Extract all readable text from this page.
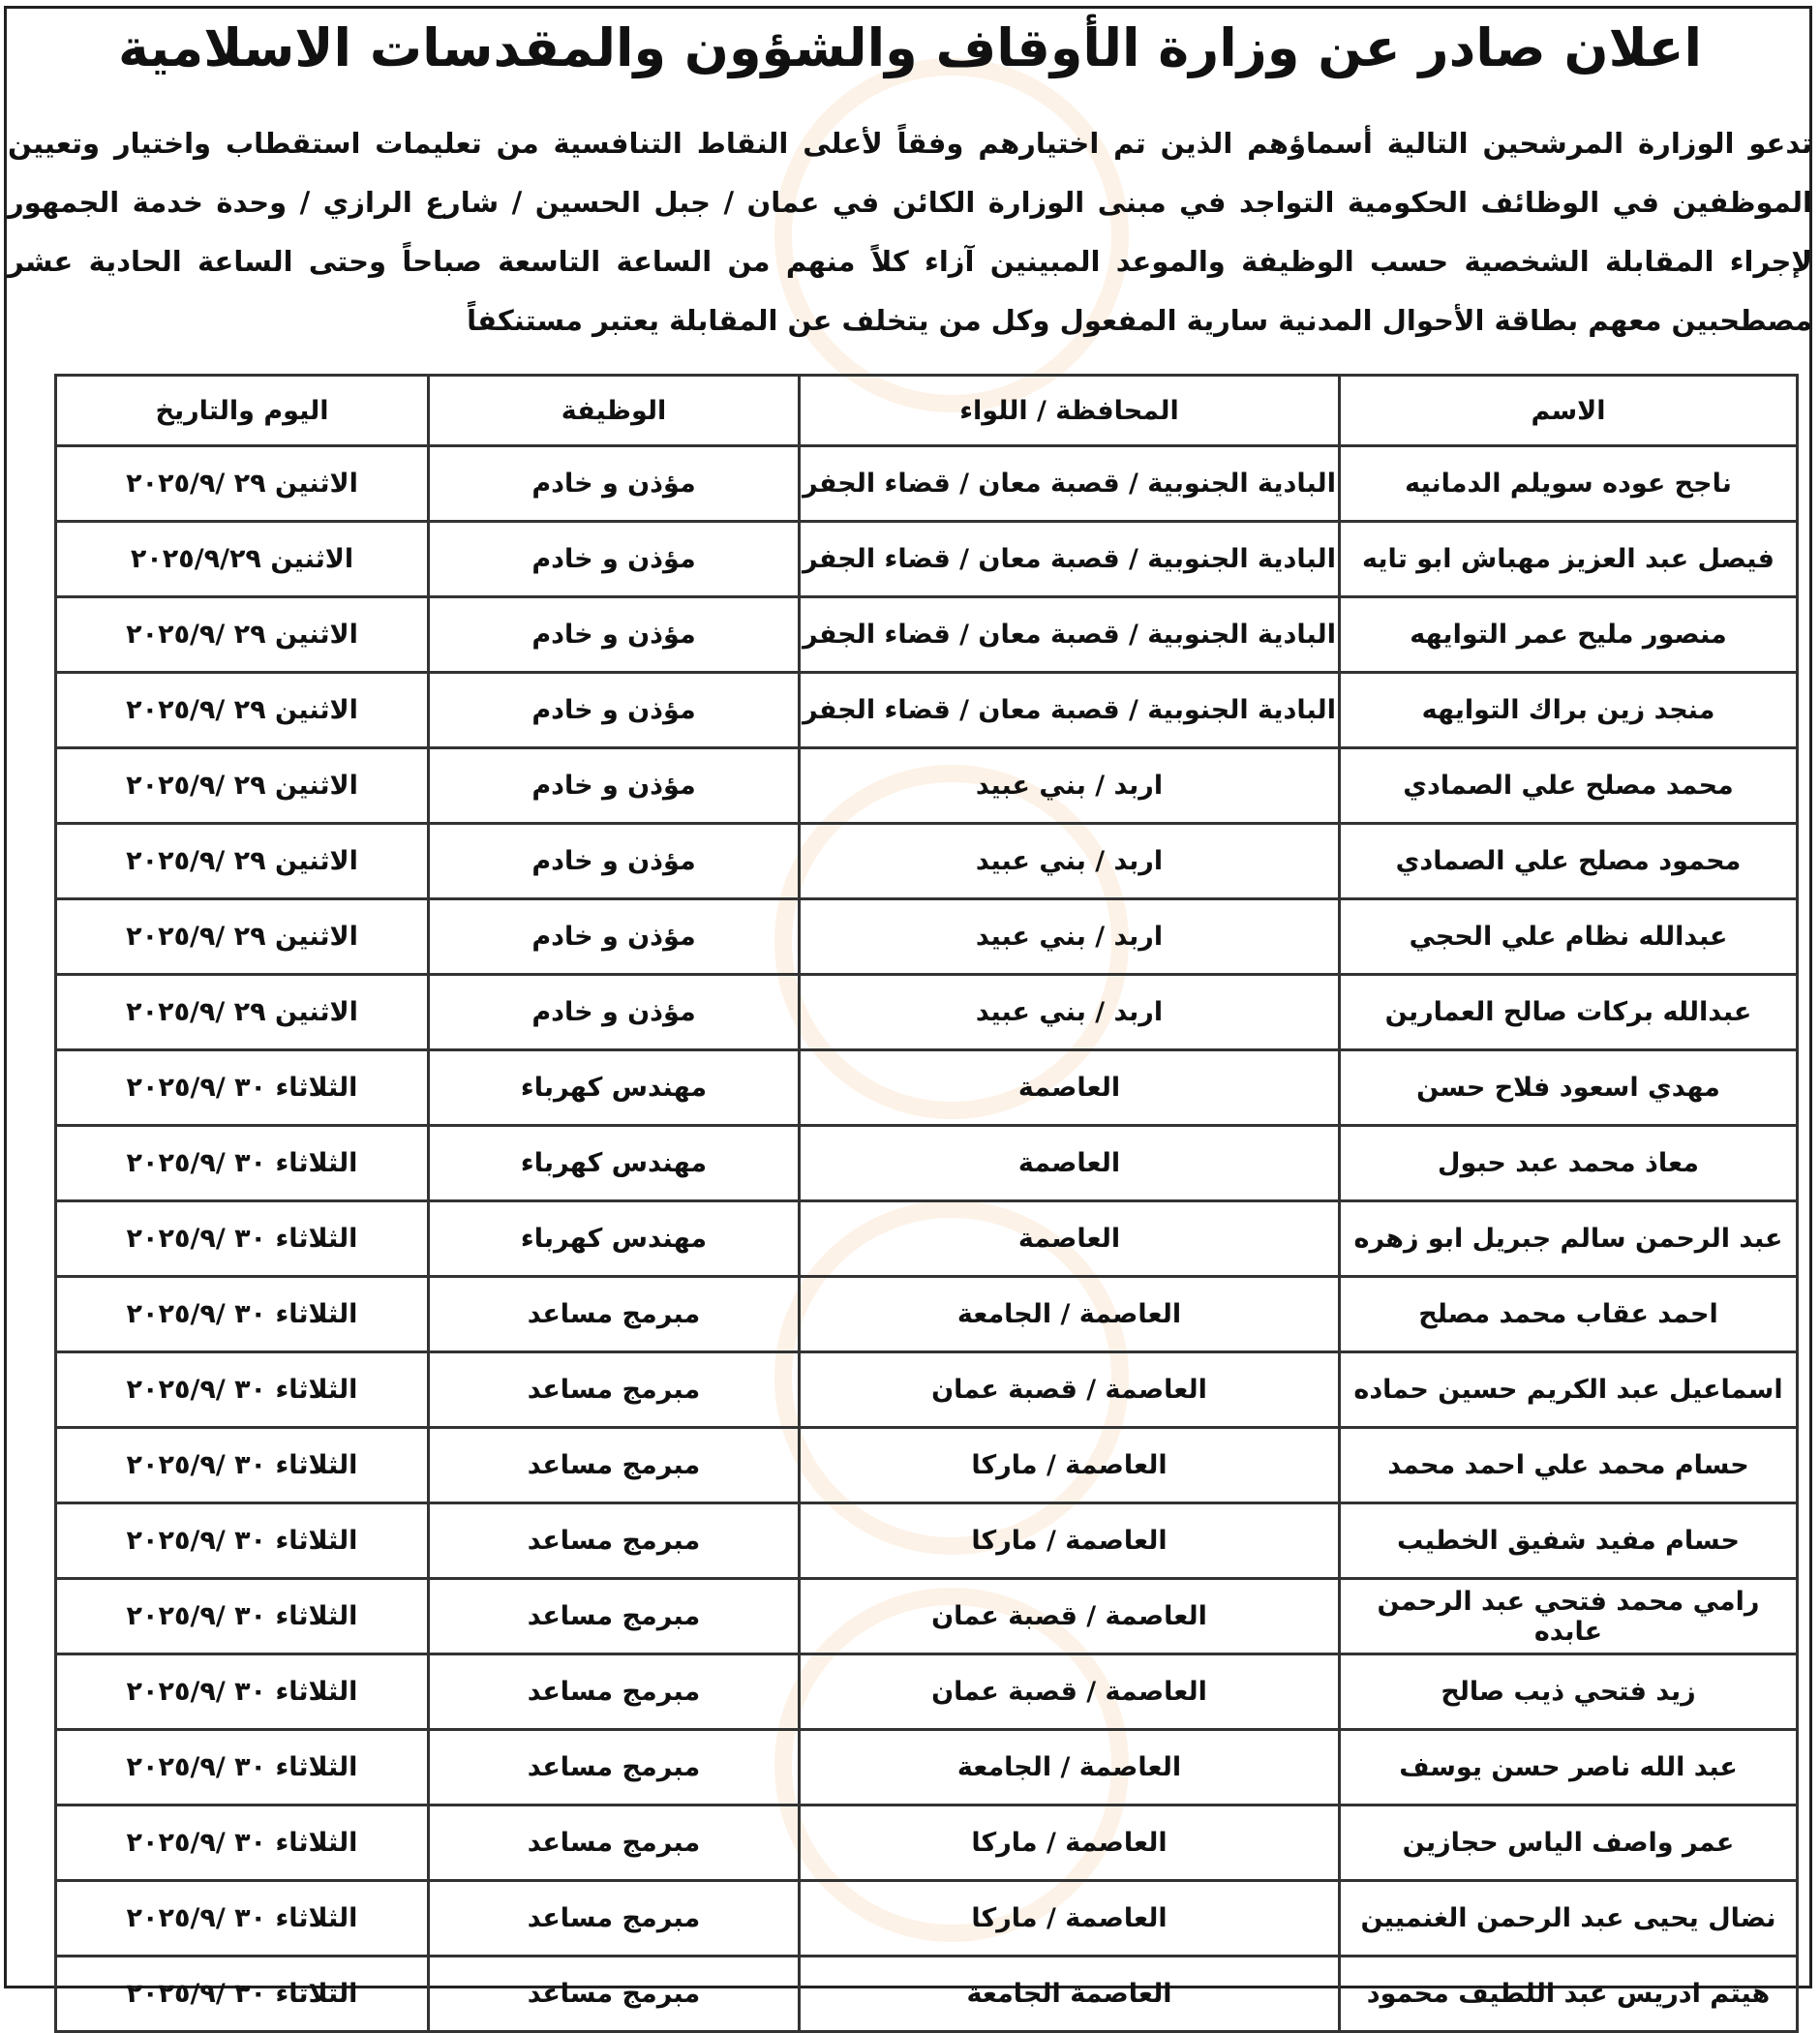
اعلان صادر عن وزارة الأوقاف والشؤون والمقدسات الاسلامية
تدعو الوزارة المرشحين التالية أسماؤهم الذين تم اختيارهم وفقاً لأعلى النقاط التنافسية من تعليمات استقطاب واختيار وتعيين الموظفين في الوظائف الحكومية التواجد في مبنى الوزارة الكائن في عمان / جبل الحسين / شارع الرازي / وحدة خدمة الجمهور لإجراء المقابلة الشخصية حسب الوظيفة والموعد المبينين آزاء كلاً منهم من الساعة التاسعة صباحاً وحتى الساعة الحادية عشر مصطحبين معهم بطاقة الأحوال المدنية سارية المفعول وكل من يتخلف عن المقابلة يعتبر مستنكفاً
الاسم	المحافظة / اللواء	الوظيفة	اليوم والتاريخ
ناجح عوده سويلم الدمانيه	البادية الجنوبية / قصبة معان / قضاء الجفر	مؤذن و خادم	الاثنين ٢٩ /٢٠٢٥/٩
فيصل عبد العزيز مهباش ابو تايه	البادية الجنوبية / قصبة معان / قضاء الجفر	مؤذن و خادم	الاثنين ٢٠٢٥/٩/٢٩
منصور مليح عمر التوايهه	البادية الجنوبية / قصبة معان / قضاء الجفر	مؤذن و خادم	الاثنين ٢٩ /٢٠٢٥/٩
منجد زين براك التوايهه	البادية الجنوبية / قصبة معان / قضاء الجفر	مؤذن و خادم	الاثنين ٢٩ /٢٠٢٥/٩
محمد مصلح علي الصمادي	اربد / بني عبيد	مؤذن و خادم	الاثنين ٢٩ /٢٠٢٥/٩
محمود مصلح علي الصمادي	اربد / بني عبيد	مؤذن و خادم	الاثنين ٢٩ /٢٠٢٥/٩
عبدالله نظام علي الحجي	اربد / بني عبيد	مؤذن و خادم	الاثنين ٢٩ /٢٠٢٥/٩
عبدالله بركات صالح العمارين	اربد / بني عبيد	مؤذن و خادم	الاثنين ٢٩ /٢٠٢٥/٩
مهدي اسعود فلاح حسن	العاصمة	مهندس كهرباء	الثلاثاء ٣٠ /٢٠٢٥/٩
معاذ محمد عبد حبول	العاصمة	مهندس كهرباء	الثلاثاء ٣٠ /٢٠٢٥/٩
عبد الرحمن سالم جبريل ابو زهره	العاصمة	مهندس كهرباء	الثلاثاء ٣٠ /٢٠٢٥/٩
احمد عقاب محمد مصلح	العاصمة / الجامعة	مبرمج مساعد	الثلاثاء ٣٠ /٢٠٢٥/٩
اسماعيل عبد الكريم حسين حماده	العاصمة / قصبة عمان	مبرمج مساعد	الثلاثاء ٣٠ /٢٠٢٥/٩
حسام محمد علي احمد محمد	العاصمة / ماركا	مبرمج مساعد	الثلاثاء ٣٠ /٢٠٢٥/٩
حسام مفيد شفيق الخطيب	العاصمة / ماركا	مبرمج مساعد	الثلاثاء ٣٠ /٢٠٢٥/٩
رامي محمد فتحي عبد الرحمن عابده	العاصمة / قصبة عمان	مبرمج مساعد	الثلاثاء ٣٠ /٢٠٢٥/٩
زيد فتحي ذيب صالح	العاصمة / قصبة عمان	مبرمج مساعد	الثلاثاء ٣٠ /٢٠٢٥/٩
عبد الله ناصر حسن يوسف	العاصمة / الجامعة	مبرمج مساعد	الثلاثاء ٣٠ /٢٠٢٥/٩
عمر واصف الياس حجازين	العاصمة / ماركا	مبرمج مساعد	الثلاثاء ٣٠ /٢٠٢٥/٩
نضال يحيى عبد الرحمن الغنميين	العاصمة / ماركا	مبرمج مساعد	الثلاثاء ٣٠ /٢٠٢٥/٩
هيثم ادريس عبد اللطيف محمود	العاصمة الجامعة	مبرمج مساعد	الثلاثاء ٣٠ /٢٠٢٥/٩
